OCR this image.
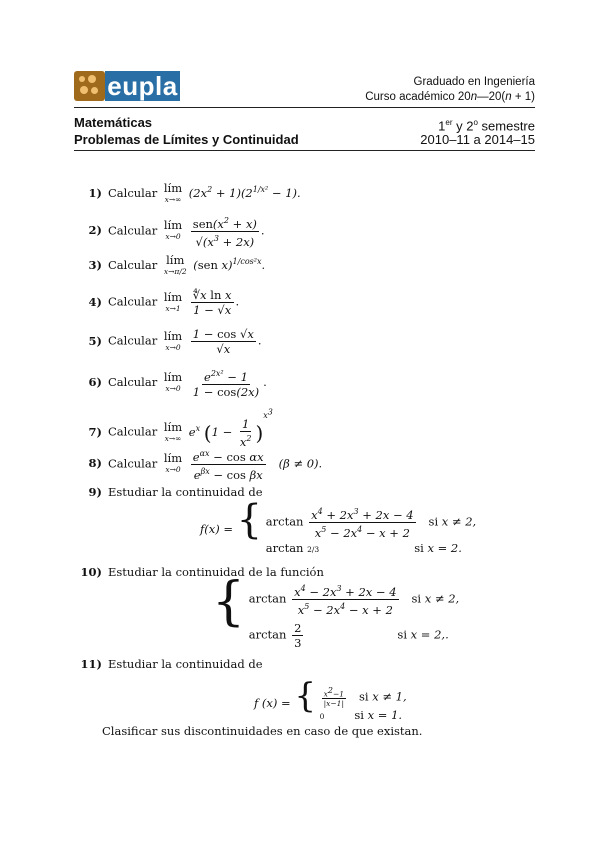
eupla	Graduado en Ingeniería
Curso académico 20n—20(n + 1)
Matemáticas
Problemas de Límites y Continuidad
1er y 2$^o$ semestre
2010–11 a 2014–15
1) Calcular lím
x→∞ $(2x^2 + 1)(2^{1/x^2} - 1)$.
2) Calcular lím
x→0
$\frac{sen(x^2 + x)}{√(x^3 + 2x)}$ .
3) Calcular lím
x→π/2 (sen x)$^{1/cos^2x}$.
4) Calcular lím
x→1
$\frac{\text{∜x ln x}}{1 - √x}$ .
5) Calcular lím
x→0
$\frac{1 - \cos √x}{√x}$ .
6) Calcular lím
x→0
$\frac{e^{2x^2} - 1}{1 - \cos(2x)}$ .
7) Calcular lím
x→∞ $e^x$ $(1 - \frac{1}{x^2} )^{x^3}$
8) Calcular lím
x→0
$\frac{e^{\alpha x} - \cos \alpha x}{e^{\beta x} - \cos \beta x} (\beta \ne 0)$.
9) Estudiar la continuidad de
f(x) = { $\arctan \frac{x^4 + 2x^3 + 2x - 4}{x^5 - 2x^4 - x + 2}$ si x ≠ 2,
arctan 2/3	si x = 2.
10) Estudiar la continuidad de la función
{ $\arctan \frac{x^4 - 2x^3 + 2x - 4}{x^5 - 2x^4 - x + 2}$ si x ≠ 2,
$\arctan \frac{2}{3}$	si x = 2,.
11) Estudiar la continuidad de
f (x) = { $\frac{x^2-1}{|x-1|}$ si x ≠ 1,
0	si x = 1.
Clasificar sus discontinuidades en caso de que existan.
